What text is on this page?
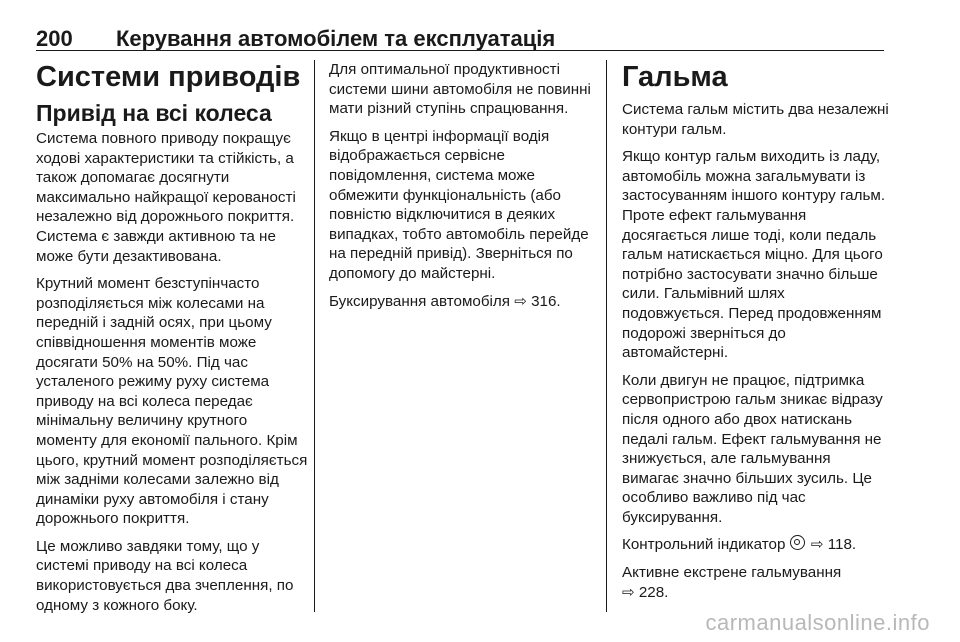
200 Керування автомобілем та експлуатація
Системи приводів
Привід на всі колеса

Система повного приводу покращує ходові характеристики та стійкість, а також допомагає досягнути максимально найкращої керованості незалежно від дорожнього покриття. Система є завжди активною та не може бути дезактивована.

Крутний момент безступінчасто розподіляється між колесами на передній і задній осях, при цьому співвідношення моментів може досягати 50% на 50%. Під час усталеного режиму руху система приводу на всі колеса передає мінімальну величину крутного моменту для економії пального. Крім цього, крутний момент розподіляється між задніми колесами залежно від динаміки руху автомобіля і стану дорожнього покриття.

Це можливо завдяки тому, що у системі приводу на всі колеса використовується два зчеплення, по одному з кожного боку.

Для оптимальної продуктивності системи шини автомобіля не повинні мати різний ступінь спрацювання.

Якщо в центрі інформації водія відображається сервісне повідомлення, система може обмежити функціональність (або повністю відключитися в деяких випадках, тобто автомобіль перейде на передній привід). Зверніться по допомогу до майстерні.

Буксирування автомобіля ⇨ 316.

Гальма

Система гальм містить два незалежні контури гальм.

Якщо контур гальм виходить із ладу, автомобіль можна загальмувати із застосуванням іншого контуру гальм. Проте ефект гальмування досягається лише тоді, коли педаль гальм натискається міцно. Для цього потрібно застосувати значно більше сили. Гальмівний шлях подовжується. Перед продовженням подорожі зверніться до автомайстерні.

Коли двигун не працює, підтримка сервопристрою гальм зникає відразу після одного або двох натискань педалі гальм. Ефект гальмування не знижується, але гальмування вимагає значно більших зусиль. Це особливо важливо під час буксирування.

Контрольний індикатор ⇨ 118.

Активне екстрене гальмування
⇨ 228.

carmanualsonline.info
